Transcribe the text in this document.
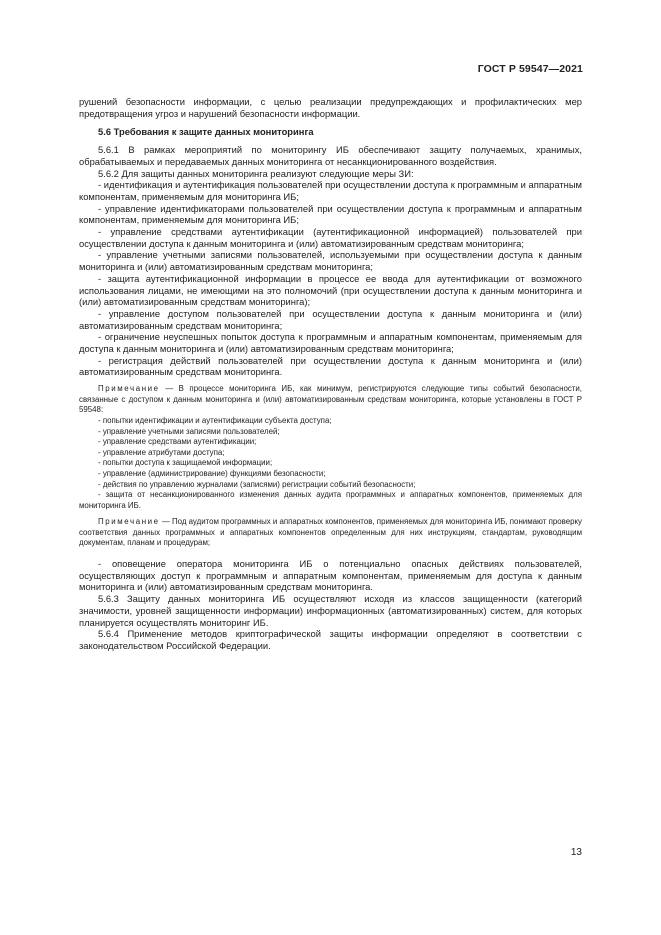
ГОСТ Р 59547—2021
рушений безопасности информации, с целью реализации предупреждающих и профилактических мер предотвращения угроз и нарушений безопасности информации.
5.6 Требования к защите данных мониторинга
5.6.1 В рамках мероприятий по мониторингу ИБ обеспечивают защиту получаемых, хранимых, обрабатываемых и передаваемых данных мониторинга от несанкционированного воздействия.
5.6.2 Для защиты данных мониторинга реализуют следующие меры ЗИ:
- идентификация и аутентификация пользователей при осуществлении доступа к программным и аппаратным компонентам, применяемым для мониторинга ИБ;
- управление идентификаторами пользователей при осуществлении доступа к программным и аппаратным компонентам, применяемым для мониторинга ИБ;
- управление средствами аутентификации (аутентификационной информацией) пользователей при осуществлении доступа к данным мониторинга и (или) автоматизированным средствам мониторинга;
- управление учетными записями пользователей, используемыми при осуществлении доступа к данным мониторинга и (или) автоматизированным средствам мониторинга;
- защита аутентификационной информации в процессе ее ввода для аутентификации от возможного использования лицами, не имеющими на это полномочий (при осуществлении доступа к данным мониторинга и (или) автоматизированным средствам мониторинга);
- управление доступом пользователей при осуществлении доступа к данным мониторинга и (или) автоматизированным средствам мониторинга;
- ограничение неуспешных попыток доступа к программным и аппаратным компонентам, применяемым для доступа к данным мониторинга и (или) автоматизированным средствам мониторинга;
- регистрация действий пользователей при осуществлении доступа к данным мониторинга и (или) автоматизированным средствам мониторинга.
Примечание — В процессе мониторинга ИБ, как минимум, регистрируются следующие типы событий безопасности, связанные с доступом к данным мониторинга и (или) автоматизированным средствам мониторинга, которые установлены в ГОСТ Р 59548:
- попытки идентификации и аутентификации субъекта доступа;
- управление учетными записями пользователей;
- управление средствами аутентификации;
- управление атрибутами доступа;
- попытки доступа к защищаемой информации;
- управление (администрирование) функциями безопасности;
- действия по управлению журналами (записями) регистрации событий безопасности;
- защита от несанкционированного изменения данных аудита программных и аппаратных компонентов, применяемых для мониторинга ИБ.
Примечание — Под аудитом программных и аппаратных компонентов, применяемых для мониторинга ИБ, понимают проверку соответствия данных программных и аппаратных компонентов определенным для них инструкциям, стандартам, руководящим документам, планам и процедурам;
- оповещение оператора мониторинга ИБ о потенциально опасных действиях пользователей, осуществляющих доступ к программным и аппаратным компонентам, применяемым для доступа к данным мониторинга и (или) автоматизированным средствам мониторинга.
5.6.3 Защиту данных мониторинга ИБ осуществляют исходя из классов защищенности (категорий значимости, уровней защищенности информации) информационных (автоматизированных) систем, для которых планируется осуществлять мониторинг ИБ.
5.6.4 Применение методов криптографической защиты информации определяют в соответствии с законодательством Российской Федерации.
13
